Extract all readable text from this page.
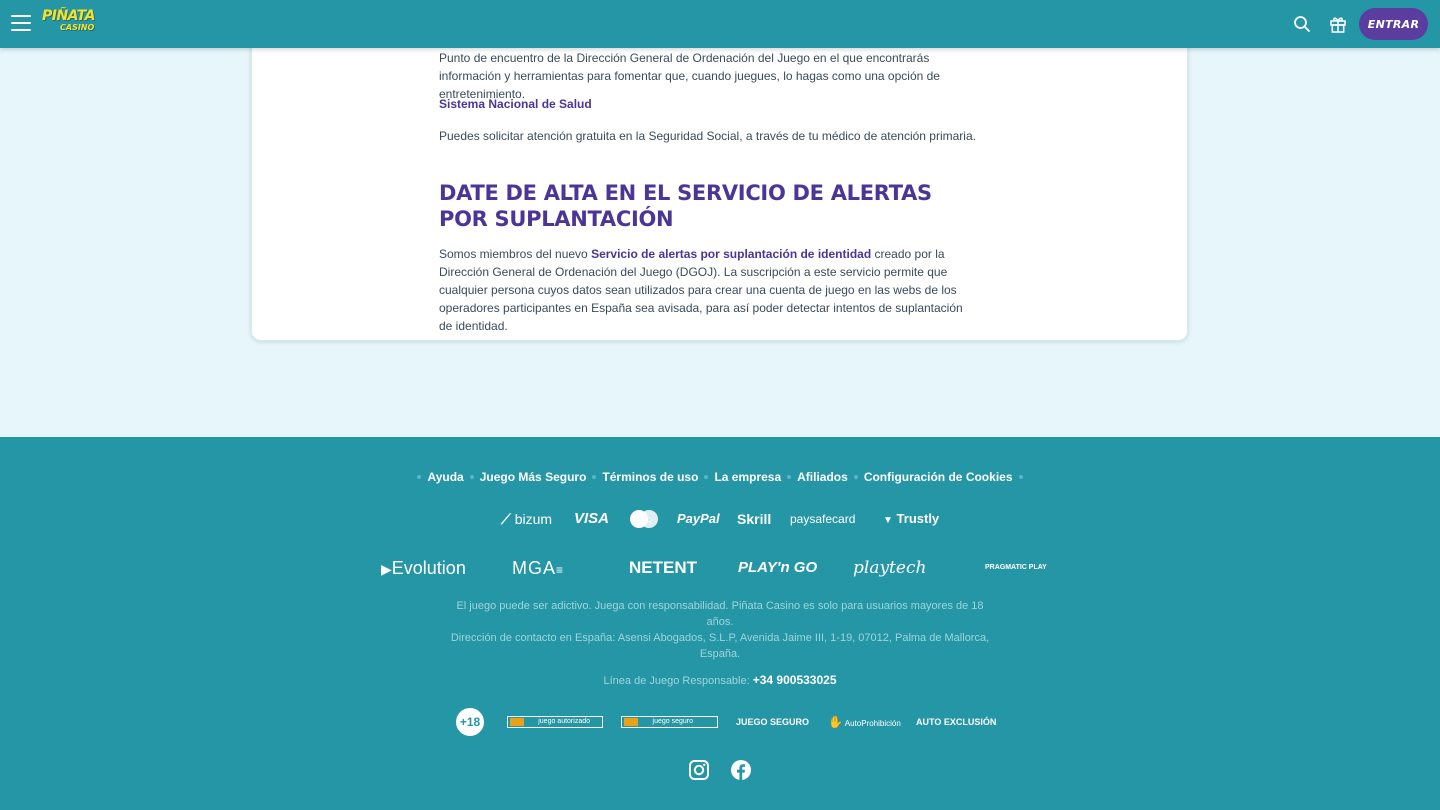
PIÑATA
CASINO	ENTRAR

Punto de encuentro de la Dirección General de Ordenación del Juego en el que encontrarás información y herramientas para fomentar que, cuando juegues, lo hagas como una opción de entretenimiento.

Sistema Nacional de Salud

Puedes solicitar atención gratuita en la Seguridad Social, a través de tu médico de atención primaria.

DATE DE ALTA EN EL SERVICIO DE ALERTAS POR SUPLANTACIÓN

Somos miembros del nuevo Servicio de alertas por suplantación de identidad creado por la Dirección General de Ordenación del Juego (DGOJ). La suscripción a este servicio permite que cualquier persona cuyos datos sean utilizados para crear una cuenta de juego en las webs de los operadores participantes en España sea avisada, para así poder detectar intentos de suplantación de identidad.

Ayuda Juego Más Seguro Términos de uso La empresa Afiliados Configuración de Cookies
⟋ bizum VISA	mastercard PayPal Skrill paysafecard	▼ Trustly
▶Evolution	MGA≡	NETENT	PLAY'n GO playtech	PRAGMATIC PLAY
El juego puede ser adictivo. Juega con responsabilidad. Piñata Casino es solo para usuarios mayores de 18 años.
Dirección de contacto en España: Asensi Abogados, S.L.P, Avenida Jaime III, 1-19, 07012, Palma de Mallorca, España.
Línea de Juego Responsable: +34 900533025
+18	juego autorizado	juego seguro	JUEGO SEGURO ✋ AutoProhibición AUTO EXCLUSIÓN
